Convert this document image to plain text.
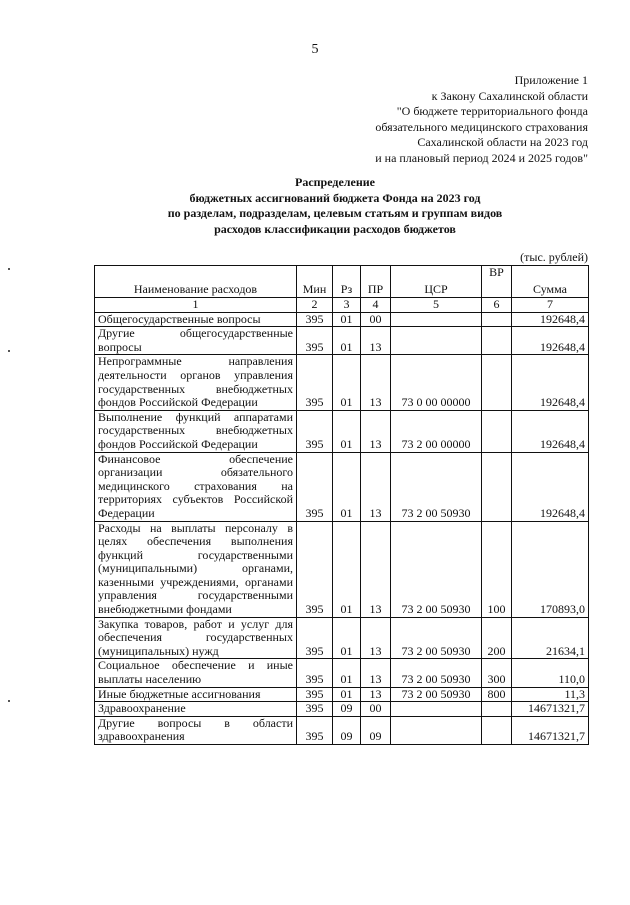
5
Приложение 1
к Закону Сахалинской области
"О бюджете территориального фонда
обязательного медицинского страхования
Сахалинской области на 2023 год
и на плановый период 2024 и 2025 годов"
Распределение
бюджетных ассигнований бюджета Фонда на 2023 год
по разделам, подразделам, целевым статьям и группам видов
расходов классификации расходов бюджетов
(тыс. рублей)
Наименование расходов	Мин	Рз	ПР	ЦСР	ВР	Сумма
1	2	3	4	5	6	7
Общегосударственные вопросы	395	01	00			192648,4
Другие общегосударственные вопросы	395	01	13			192648,4
Непрограммные направления деятельности органов управления государственных внебюджетных фондов Российской Федерации	395	01	13	73 0 00 00000		192648,4
Выполнение функций аппаратами государственных внебюджетных фондов Российской Федерации	395	01	13	73 2 00 00000		192648,4
Финансовое обеспечение организации обязательного медицинского страхования на территориях субъектов Российской Федерации	395	01	13	73 2 00 50930		192648,4
Расходы на выплаты персоналу в целях обеспечения выполнения функций государственными (муниципальными) органами, казенными учреждениями, органами управления государственными внебюджетными фондами	395	01	13	73 2 00 50930	100	170893,0
Закупка товаров, работ и услуг для обеспечения государственных (муниципальных) нужд	395	01	13	73 2 00 50930	200	21634,1
Социальное обеспечение и иные выплаты населению	395	01	13	73 2 00 50930	300	110,0
Иные бюджетные ассигнования	395	01	13	73 2 00 50930	800	11,3
Здравоохранение	395	09	00			14671321,7
Другие вопросы в области здравоохранения	395	09	09			14671321,7
